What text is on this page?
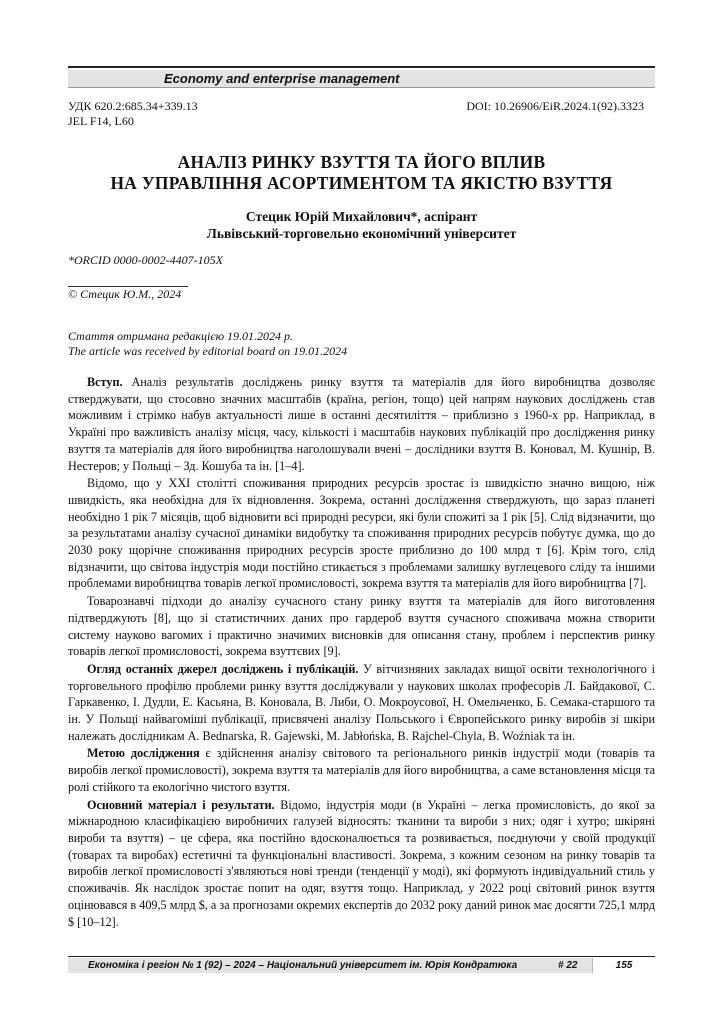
Economy and enterprise management
УДК 620.2:685.34+339.13
JEL F14, L60
DOI: 10.26906/EiR.2024.1(92).3323
АНАЛІЗ РИНКУ ВЗУТТЯ ТА ЙОГО ВПЛИВ
НА УПРАВЛІННЯ АСОРТИМЕНТОМ ТА ЯКІСТЮ ВЗУТТЯ
Стецик Юрій Михайлович*, аспірант
Львівський-торговельно економічний університет
*ORCID 0000-0002-4407-105X
© Стецик Ю.М., 2024
Стаття отримана редакцією 19.01.2024 р.
The article was received by editorial board on 19.01.2024

Вступ. Аналіз результатів досліджень ринку взуття та матеріалів для його виробництва дозволяє стверджувати, що стосовно значних масштабів (країна, регіон, тощо) цей напрям наукових досліджень став можливим і стрімко набув актуальності лише в останні десятиліття – приблизно з 1960-х рр. Наприклад, в Україні про важливість аналізу місця, часу, кількості і масштабів наукових публікацій про дослідження ринку взуття та матеріалів для його виробництва наголошували вчені – дослідники взуття В. Коновал, М. Кушнір, В. Нестеров; у Польщі – Зд. Кошуба та ін. [1–4].

Відомо, що у XXI столітті споживання природних ресурсів зростає із швидкістю значно вищою, ніж швидкість, яка необхідна для їх відновлення. Зокрема, останні дослідження стверджують, що зараз планеті необхідно 1 рік 7 місяців, щоб відновити всі природні ресурси, які були спожиті за 1 рік [5]. Слід відзначити, що за результатами аналізу сучасної динаміки видобутку та споживання природних ресурсів побутує думка, що до 2030 року щорічне споживання природних ресурсів зросте приблизно до 100 млрд т [6]. Крім того, слід відзначити, що світова індустрія моди постійно стикається з проблемами залишку вуглецевого сліду та іншими проблемами виробництва товарів легкої промисловості, зокрема взуття та матеріалів для його виробництва [7].

Товарознавчі підходи до аналізу сучасного стану ринку взуття та матеріалів для його виготовлення підтверджують [8], що зі статистичних даних про гардероб взуття сучасного споживача можна створити систему науково вагомих і практично значимих висновків для описання стану, проблем і перспектив ринку товарів легкої промисловості, зокрема взуттєвих [9].

Огляд останніх джерел досліджень і публікацій. У вітчизняних закладах вищої освіти технологічного і торговельного профілю проблеми ринку взуття досліджували у наукових школах професорів Л. Байдакової, С. Гаркавенко, І. Дудли, Е. Касьяна, В. Коновала, В. Либи, О. Мокроусової, Н. Омельченко, Б. Семака-старшого та ін. У Польщі найвагоміші публікації, присвячені аналізу Польського і Європейського ринку виробів зі шкіри належать дослідникам A. Bednarska, R. Gajewski, M. Jabłońska, B. Rajchel-Chyla, B. Woźniak та ін.

Метою дослідження є здійснення аналізу світового та регіонального ринків індустрії моди (товарів та виробів легкої промисловості), зокрема взуття та матеріалів для його виробництва, а саме встановлення місця та ролі стійкого та екологічно чистого взуття.

Основний матеріал і результати. Відомо, індустрія моди (в Україні – легка промисловість, до якої за міжнародною класифікацією виробничих галузей відносять: тканини та вироби з них; одяг і хутро; шкіряні вироби та взуття) – це сфера, яка постійно вдосконалюється та розвивається, поєднуючи у своїй продукції (товарах та виробах) естетичні та функціональні властивості. Зокрема, з кожним сезоном на ринку товарів та виробів легкої промисловості з'являються нові тренди (тенденції у моді), які формують індивідуальний стиль у споживачів. Як наслідок зростає попит на одяг, взуття тощо. Наприклад, у 2022 році світовий ринок взуття оцінювався в 409,5 млрд $, а за прогнозами окремих експертів до 2032 року даний ринок має досягти 725,1 млрд $ [10–12].

Економіка і регіон № 1 (92) – 2024 – Національний університет ім. Юрія Кондратюка	# 22	155
